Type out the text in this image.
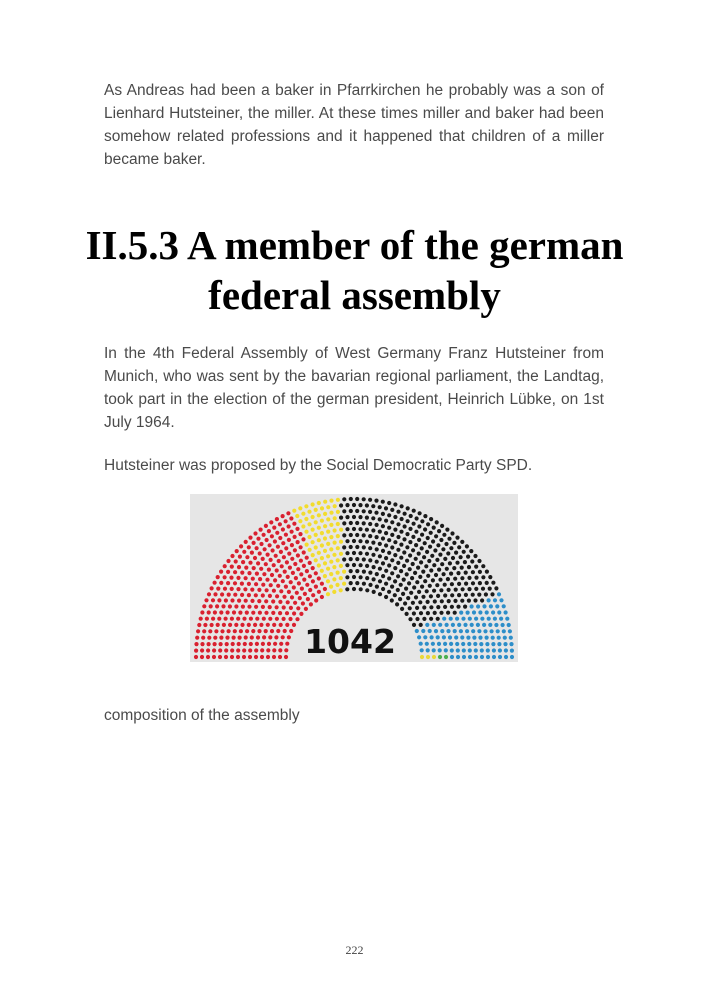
As Andreas had been a baker in Pfarrkirchen he probably was a son of Lienhard Hutsteiner, the miller. At these times miller and baker had been somehow related professions and it happened that children of a miller became baker.

II.5.3 A member of the german federal assembly

In the 4th Federal Assembly of West Germany Franz Hutsteiner from Munich, who was sent by the bavarian regional parliament, the Landtag, took part in the election of the german president, Heinrich Lübke, on 1st July 1964.

Hutsteiner was proposed by the Social Democratic Party SPD.

1042
composition of the assembly
222
